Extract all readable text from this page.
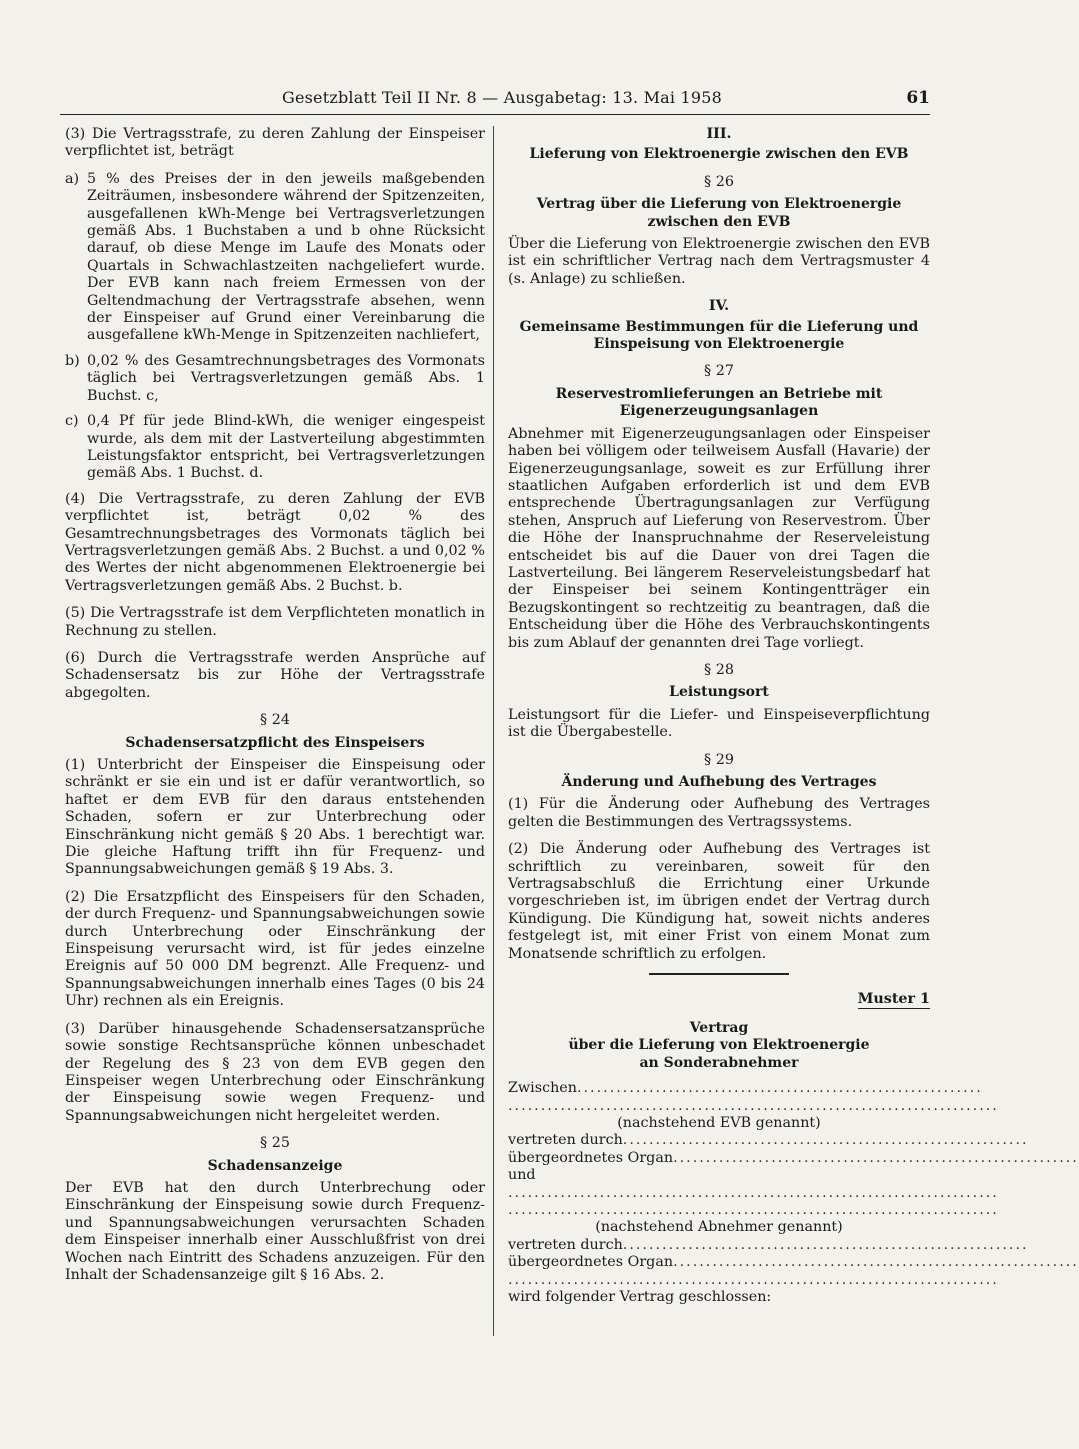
Gesetzblatt Teil II Nr. 8 — Ausgabetag: 13. Mai 1958	61

(3) Die Vertragsstrafe, zu deren Zahlung der Einspeiser verpflichtet ist, beträgt

a) 5 % des Preises der in den jeweils maßgebenden Zeiträumen, insbesondere während der Spitzenzeiten, ausgefallenen kWh-Menge bei Vertragsverletzungen gemäß Abs. 1 Buchstaben a und b ohne Rücksicht darauf, ob diese Menge im Laufe des Monats oder Quartals in Schwachlastzeiten nachgeliefert wurde. Der EVB kann nach freiem Ermessen von der Geltendmachung der Vertragsstrafe absehen, wenn der Einspeiser auf Grund einer Vereinbarung die ausgefallene kWh-Menge in Spitzenzeiten nachliefert,
b) 0,02 % des Gesamtrechnungsbetrages des Vormonats täglich bei Vertragsverletzungen gemäß Abs. 1 Buchst. c,
c) 0,4 Pf für jede Blind-kWh, die weniger eingespeist wurde, als dem mit der Lastverteilung abgestimmten Leistungsfaktor entspricht, bei Vertragsverletzungen gemäß Abs. 1 Buchst. d.

(4) Die Vertragsstrafe, zu deren Zahlung der EVB verpflichtet ist, beträgt 0,02 % des Gesamtrechnungsbetrages des Vormonats täglich bei Vertragsverletzungen gemäß Abs. 2 Buchst. a und 0,02 % des Wertes der nicht abgenommenen Elektroenergie bei Vertragsverletzungen gemäß Abs. 2 Buchst. b.

(5) Die Vertragsstrafe ist dem Verpflichteten monatlich in Rechnung zu stellen.

(6) Durch die Vertragsstrafe werden Ansprüche auf Schadensersatz bis zur Höhe der Vertragsstrafe abgegolten.

§ 24
Schadensersatzpflicht des Einspeisers

(1) Unterbricht der Einspeiser die Einspeisung oder schränkt er sie ein und ist er dafür verantwortlich, so haftet er dem EVB für den daraus entstehenden Schaden, sofern er zur Unterbrechung oder Einschränkung nicht gemäß § 20 Abs. 1 berechtigt war. Die gleiche Haftung trifft ihn für Frequenz- und Spannungsabweichungen gemäß § 19 Abs. 3.

(2) Die Ersatzpflicht des Einspeisers für den Schaden, der durch Frequenz- und Spannungsabweichungen sowie durch Unterbrechung oder Einschränkung der Einspeisung verursacht wird, ist für jedes einzelne Ereignis auf 50 000 DM begrenzt. Alle Frequenz- und Spannungsabweichungen innerhalb eines Tages (0 bis 24 Uhr) rechnen als ein Ereignis.

(3) Darüber hinausgehende Schadensersatzansprüche sowie sonstige Rechtsansprüche können unbeschadet der Regelung des § 23 von dem EVB gegen den Einspeiser wegen Unterbrechung oder Einschränkung der Einspeisung sowie wegen Frequenz- und Spannungsabweichungen nicht hergeleitet werden.

§ 25
Schadensanzeige

Der EVB hat den durch Unterbrechung oder Einschränkung der Einspeisung sowie durch Frequenz- und Spannungsabweichungen verursachten Schaden dem Einspeiser innerhalb einer Ausschlußfrist von drei Wochen nach Eintritt des Schadens anzuzeigen. Für den Inhalt der Schadensanzeige gilt § 16 Abs. 2.

III.
Lieferung von Elektroenergie zwischen den EVB
§ 26
Vertrag über die Lieferung von Elektroenergie zwischen den EVB

Über die Lieferung von Elektroenergie zwischen den EVB ist ein schriftlicher Vertrag nach dem Vertragsmuster 4 (s. Anlage) zu schließen.

IV.
Gemeinsame Bestimmungen für die Lieferung und Einspeisung von Elektroenergie
§ 27
Reservestromlieferungen an Betriebe mit Eigenerzeugungsanlagen

Abnehmer mit Eigenerzeugungsanlagen oder Einspeiser haben bei völligem oder teilweisem Ausfall (Havarie) der Eigenerzeugungsanlage, soweit es zur Erfüllung ihrer staatlichen Aufgaben erforderlich ist und dem EVB entsprechende Übertragungsanlagen zur Verfügung stehen, Anspruch auf Lieferung von Reservestrom. Über die Höhe der Inanspruchnahme der Reserveleistung entscheidet bis auf die Dauer von drei Tagen die Lastverteilung. Bei längerem Reserveleistungsbedarf hat der Einspeiser bei seinem Kontingentträger ein Bezugskontingent so rechtzeitig zu beantragen, daß die Entscheidung über die Höhe des Verbrauchskontingents bis zum Ablauf der genannten drei Tage vorliegt.

§ 28
Leistungsort

Leistungsort für die Liefer- und Einspeiseverpflichtung ist die Übergabestelle.

§ 29
Änderung und Aufhebung des Vertrages

(1) Für die Änderung oder Aufhebung des Vertrages gelten die Bestimmungen des Vertragssystems.

(2) Die Änderung oder Aufhebung des Vertrages ist schriftlich zu vereinbaren, soweit für den Vertragsabschluß die Errichtung einer Urkunde vorgeschrieben ist, im übrigen endet der Vertrag durch Kündigung. Die Kündigung hat, soweit nichts anderes festgelegt ist, mit einer Frist von einem Monat zum Monatsende schriftlich zu erfolgen.

Muster 1
Vertrag
über die Lieferung von Elektroenergie
an Sonderabnehmer
Zwischen ..............................................................
...........................................................................
(nachstehend EVB genannt)
vertreten durch ..............................................................
übergeordnetes Organ ..............................................................
und
...........................................................................
...........................................................................
(nachstehend Abnehmer genannt)
vertreten durch ..............................................................
übergeordnetes Organ ..............................................................
...........................................................................
wird folgender Vertrag geschlossen:
